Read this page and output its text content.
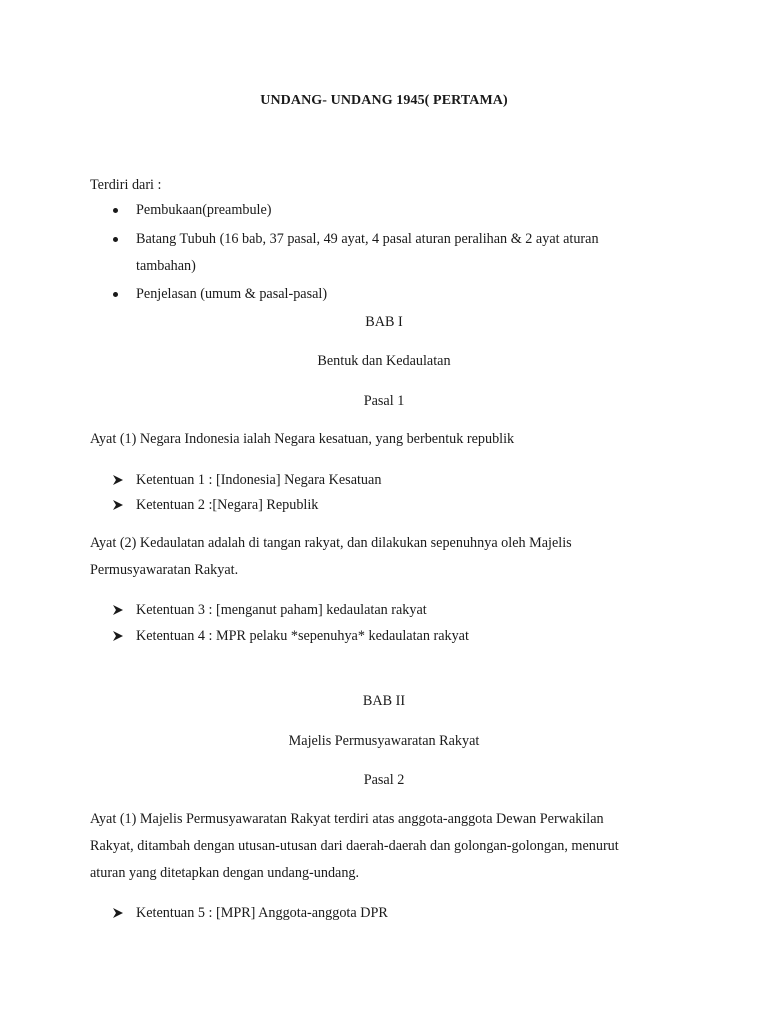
UNDANG- UNDANG 1945( PERTAMA)
Terdiri dari :
Pembukaan(preambule)
Batang Tubuh (16 bab, 37 pasal, 49 ayat, 4 pasal aturan peralihan & 2 ayat aturan
tambahan)
Penjelasan (umum & pasal-pasal)
BAB I
Bentuk dan Kedaulatan
Pasal 1
Ayat (1) Negara Indonesia ialah Negara kesatuan, yang berbentuk republik
Ketentuan 1 : [Indonesia] Negara Kesatuan
Ketentuan 2 :[Negara] Republik
Ayat (2) Kedaulatan adalah di tangan rakyat, dan dilakukan sepenuhnya oleh Majelis
Permusyawaratan Rakyat.
Ketentuan 3 : [menganut paham] kedaulatan rakyat
Ketentuan 4 : MPR pelaku *sepenuhya* kedaulatan rakyat
BAB II
Majelis Permusyawaratan Rakyat
Pasal 2
Ayat (1) Majelis Permusyawaratan Rakyat terdiri atas anggota-anggota Dewan Perwakilan
Rakyat, ditambah dengan utusan-utusan dari daerah-daerah dan golongan-golongan, menurut
aturan yang ditetapkan dengan undang-undang.
Ketentuan 5 : [MPR] Anggota-anggota DPR
